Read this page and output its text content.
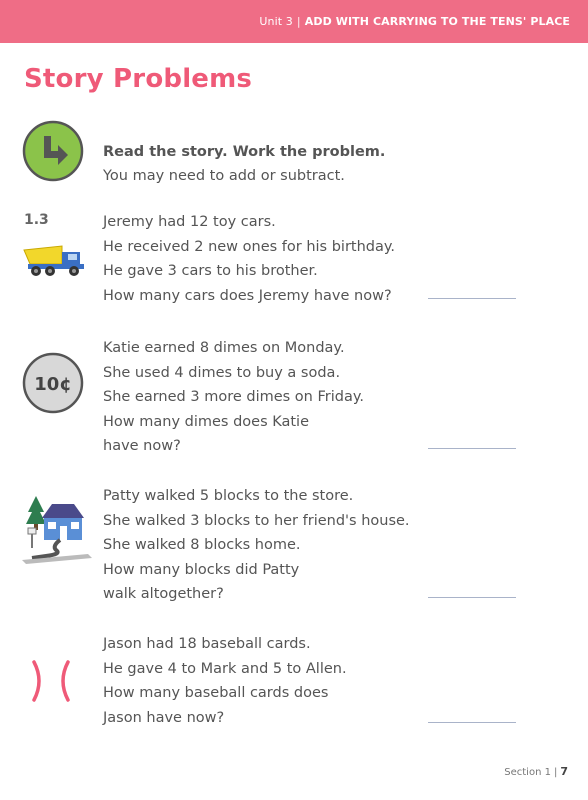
Unit 3 | ADD WITH CARRYING TO THE TENS' PLACE
Story Problems
Read the story. Work the problem.
You may need to add or subtract.
1.3
10¢
Jeremy had 12 toy cars.
He received 2 new ones for his birthday.
He gave 3 cars to his brother.
How many cars does Jeremy have now?
Katie earned 8 dimes on Monday.
She used 4 dimes to buy a soda.
She earned 3 more dimes on Friday.
How many dimes does Katie
have now?
Patty walked 5 blocks to the store.
She walked 3 blocks to her friend's house.
She walked 8 blocks home.
How many blocks did Patty
walk altogether?
Jason had 18 baseball cards.
He gave 4 to Mark and 5 to Allen.
How many baseball cards does
Jason have now?
Section 1 | 7
